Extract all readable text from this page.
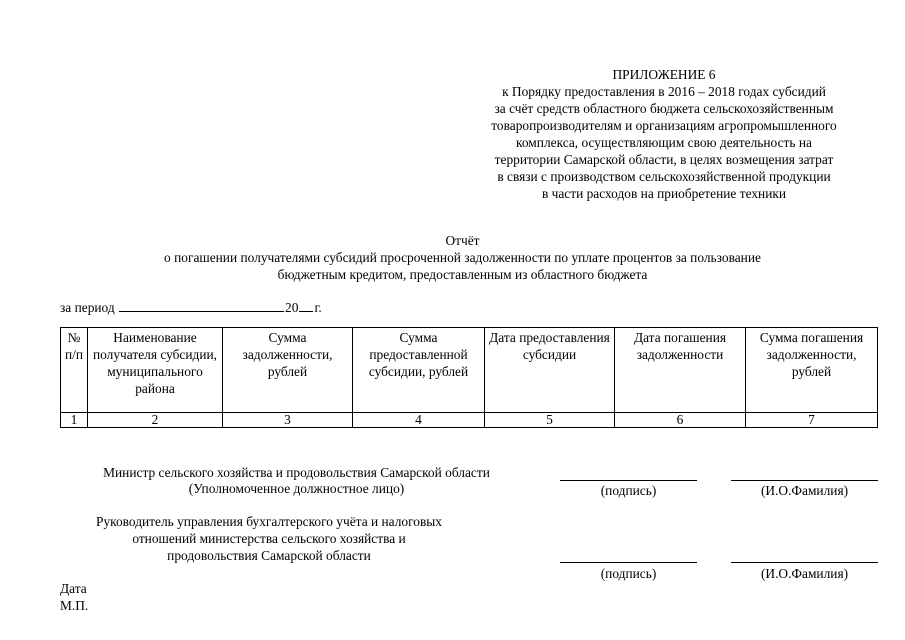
ПРИЛОЖЕНИЕ 6
к Порядку предоставления в 2016 – 2018 годах субсидий
за счёт средств областного бюджета сельскохозяйственным
товаропроизводителям и организациям агропромышленного
комплекса, осуществляющим свою деятельность на
территории Самарской области, в целях возмещения затрат
в связи с производством сельскохозяйственной продукции
в части расходов на приобретение техники
Отчёт
о погашении получателями субсидий просроченной задолженности по уплате процентов за пользование
бюджетным кредитом, предоставленным из областного бюджета
за период	20 г.
№ п/п	Наименование получателя субсидии, муниципального района	Сумма задолженности, рублей	Сумма предоставленной субсидии, рублей	Дата предоставления субсидии	Дата погашения задолженности	Сумма погашения задолженности, рублей
1	2	3	4	5	6	7
Министр сельского хозяйства и продовольствия Самарской области
(Уполномоченное должностное лицо)	(подпись)	(И.О.Фамилия)
Руководитель управления бухгалтерского учёта и налоговых
отношений министерства сельского хозяйства и
продовольствия Самарской области
(подпись)	(И.О.Фамилия)
Дата
М.П.
